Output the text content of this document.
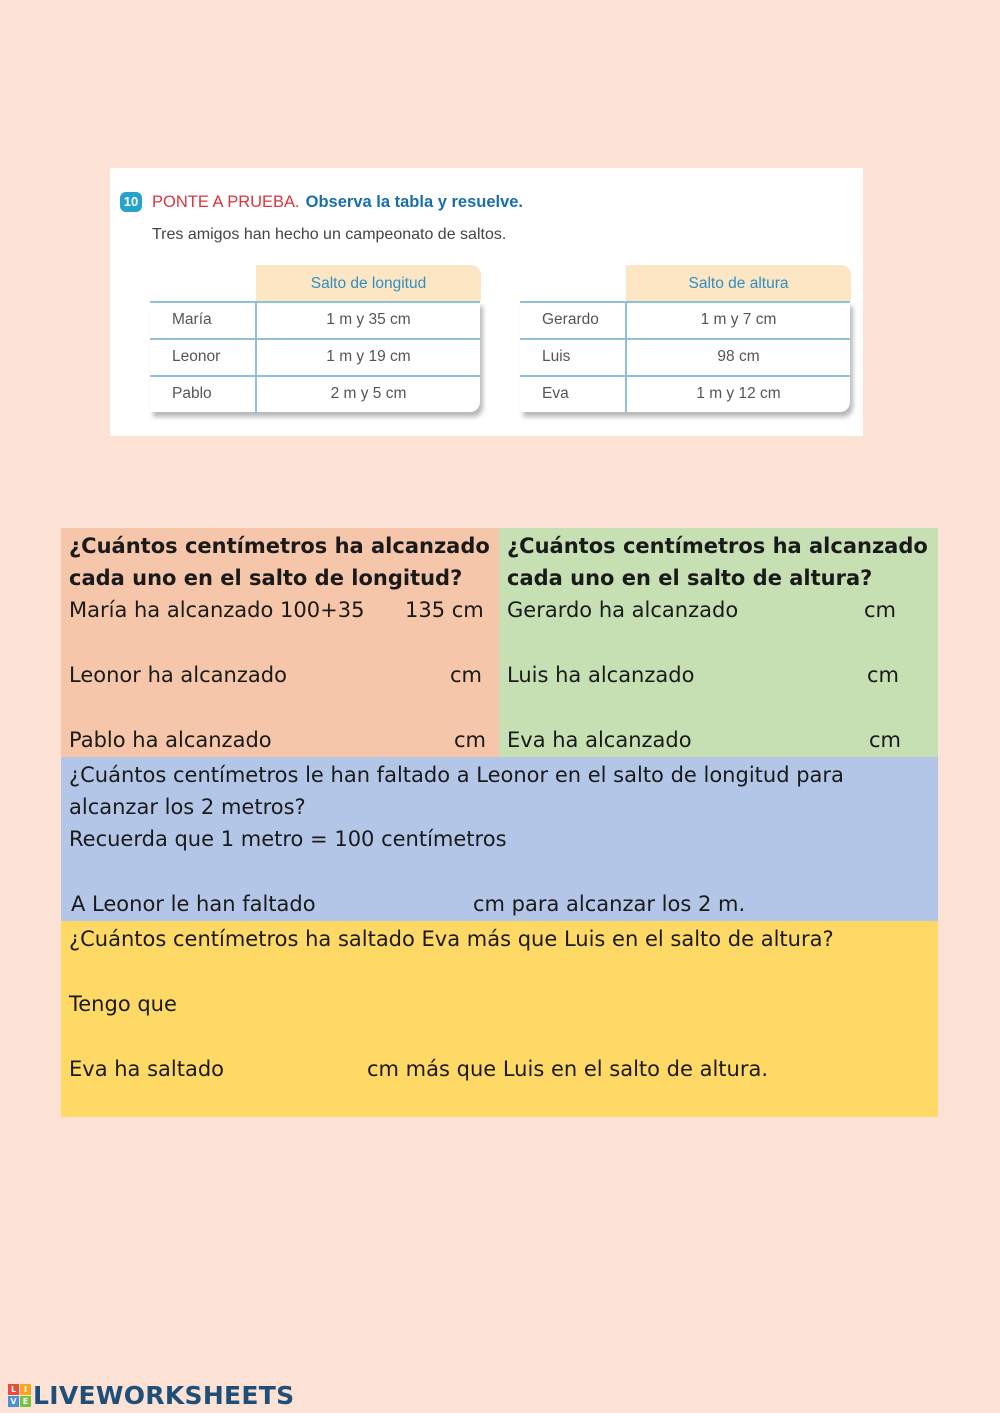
10 PONTE A PRUEBA. Observa la tabla y resuelve.
Tres amigos han hecho un campeonato de saltos.
Salto de longitud
María	1 m y 35 cm
Leonor	1 m y 19 cm
Pablo	2 m y 5 cm
Salto de altura
Gerardo	1 m y 7 cm
Luis	98 cm
Eva	1 m y 12 cm
¿Cuántos centímetros ha alcanzado
cada uno en el salto de longitud?
María ha alcanzado 100+35 135 cm
Leonor ha alcanzado	cm
Pablo ha alcanzado	cm
¿Cuántos centímetros ha alcanzado
cada uno en el salto de altura?
Gerardo ha alcanzado	cm
Luis ha alcanzado	cm
Eva ha alcanzado	cm
¿Cuántos centímetros le han faltado a Leonor en el salto de longitud para
alcanzar los 2 metros?
Recuerda que 1 metro = 100 centímetros
A Leonor le han faltado	cm para alcanzar los 2 m.
¿Cuántos centímetros ha saltado Eva más que Luis en el salto de altura?
Tengo que
Eva ha saltado	cm más que Luis en el salto de altura.
L I
V E LIVEWORKSHEETS
